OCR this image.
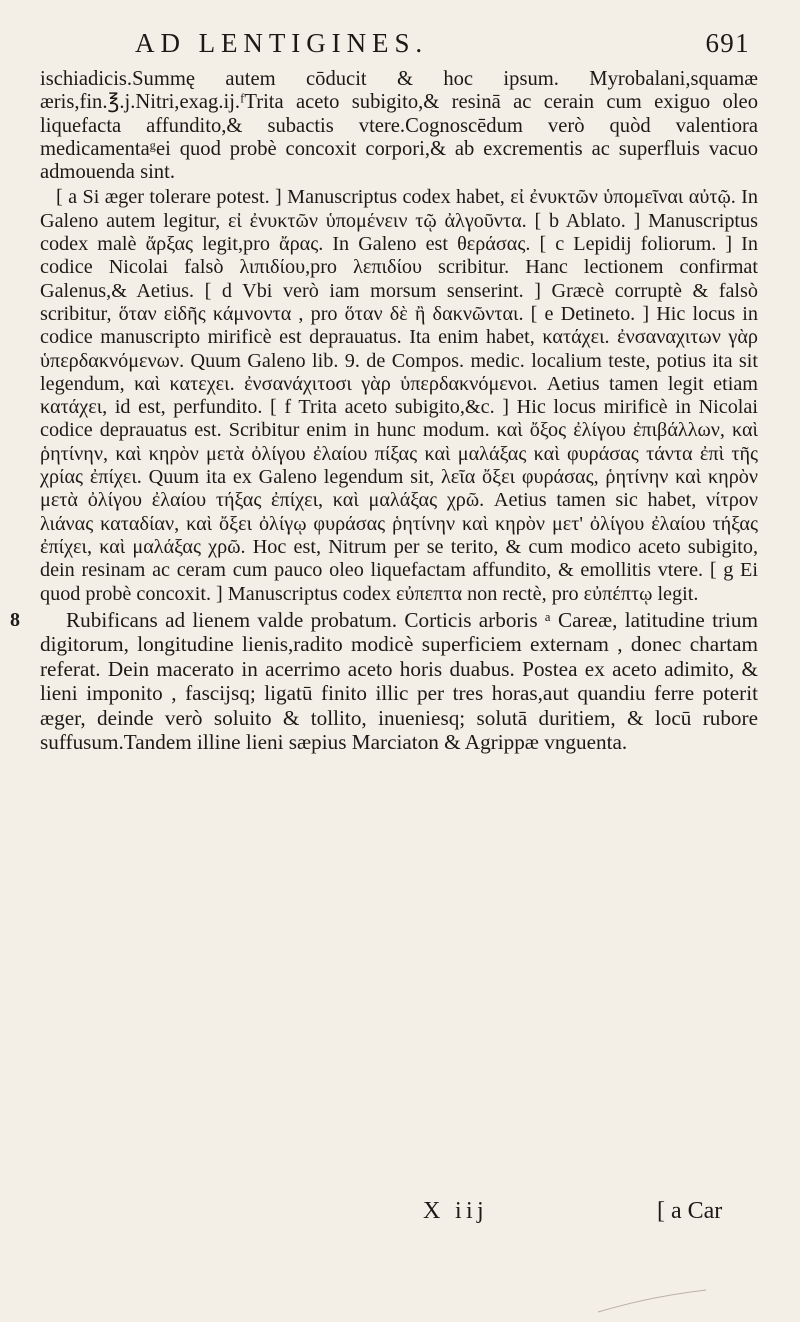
AD LENTIGINES.	691

ischiadicis.Summę autem cōducit & hoc ipsum. Myrobalani,squamæ æris,fin.℥.j.Nitri,exag.ij.ᶠTrita aceto subigito,& resinā ac cerain cum exiguo oleo liquefacta affundito,& subactis vtere.Cognoscēdum verò quòd valentiora medicamentaᵍei quod probè concoxit corpori,& ab excrementis ac superfluis vacuo admouenda sint.

[ a Si æger tolerare potest. ] Manuscriptus codex habet, εἰ ἐνυκτῶν ὑπομεῖναι αὐτῷ. In Galeno autem legitur, εἰ ἐνυκτῶν ὑπομένειν τῷ ἀλγοῦντα. [ b Ablato. ] Manuscriptus codex malè ἄρξας legit,pro ἄρας. In Galeno est θεράσας. [ c Lepidij foliorum. ] In codice Nicolai falsò λιπιδίου,pro λεπιδίου scribitur. Hanc lectionem confirmat Galenus,& Aetius. [ d Vbi verò iam morsum senserint. ] Græcè corruptè & falsò scribitur, ὅταν εἰδῆς κάμνοντα , pro ὅταν δὲ ἢ δακνῶνται. [ e Detineto. ] Hic locus in codice manuscripto mirificè est deprauatus. Ita enim habet, κατάχει. ἐνσαναχιτων γὰρ ὑπερδακνόμενων. Quum Galeno lib. 9. de Compos. medic. localium teste, potius ita sit legendum, καὶ κατεχει. ἐνσανάχιτοσι γὰρ ὑπερδακνόμενοι. Aetius tamen legit etiam κατάχει, id est, perfundito. [ f Trita aceto subigito,&c. ] Hic locus mirificè in Nicolai codice deprauatus est. Scribitur enim in hunc modum. καὶ ὄξος ἐλίγου ἐπιβάλλων, καὶ ῥητίνην, καὶ κηρὸν μετὰ ὀλίγου ἐλαίου πίξας καὶ μαλάξας καὶ φυράσας τάντα ἐπὶ τῆς χρίας ἐπίχει. Quum ita ex Galeno legendum sit, λεῖα ὄξει φυράσας, ῥητίνην καὶ κηρὸν μετὰ ὀλίγου ἐλαίου τήξας ἐπίχει, καὶ μαλάξας χρῶ. Aetius tamen sic habet, νίτρον λιάνας καταδίαν, καὶ ὄξει ὀλίγῳ φυράσας ῥητίνην καὶ κηρὸν μετ' ὀλίγου ἐλαίου τήξας ἐπίχει, καὶ μαλάξας χρῶ. Hoc est, Nitrum per se terito, & cum modico aceto subigito, dein resinam ac ceram cum pauco oleo liquefactam affundito, & emollitis vtere. [ g Ei quod probè concoxit. ] Manuscriptus codex εὐπεπτα non rectè, pro εὐπέπτῳ legit.

8	Rubificans ad lienem valde probatum. Corticis arboris ᵃ Careæ, latitudine trium digitorum, longitudine lienis,radito modicè superficiem externam , donec chartam referat. Dein macerato in acerrimo aceto horis duabus. Postea ex aceto adimito, & lieni imponito , fascijsq; ligatū finito illic per tres horas,aut quandiu ferre poterit æger, deinde verò soluito & tollito, inueniesq; solutā duritiem, & locū rubore suffusum.Tandem illine lieni sæpius Marciaton & Agrippæ vnguenta.

X iij	[ a Car
